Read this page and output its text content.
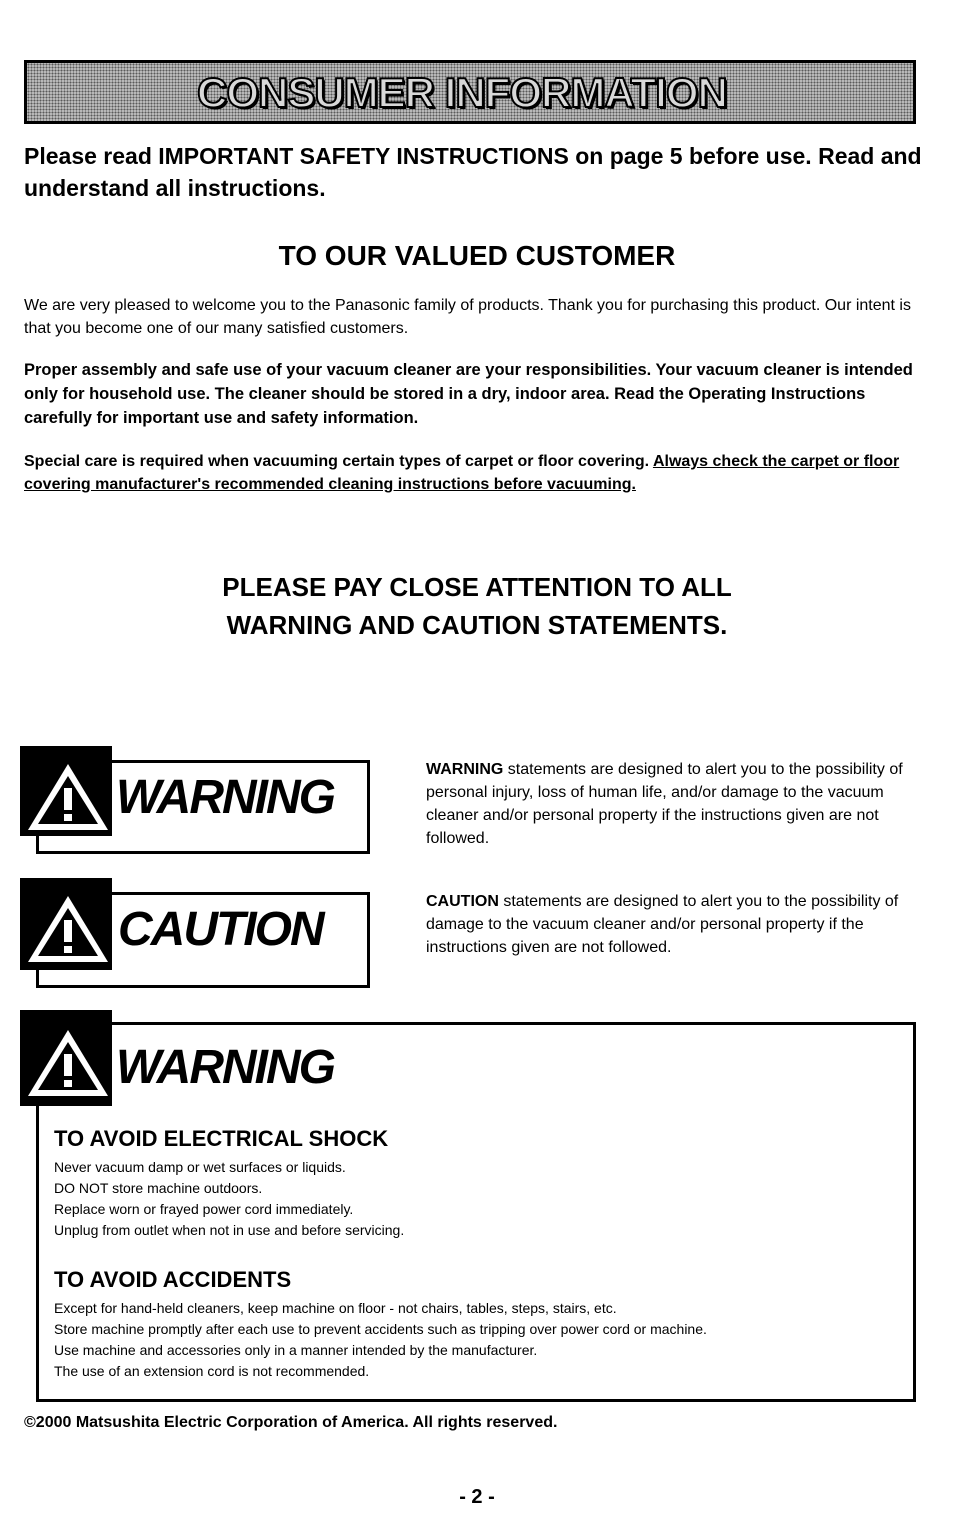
CONSUMER INFORMATION
Please read IMPORTANT SAFETY INSTRUCTIONS on page 5 before use. Read and understand all instructions.
TO OUR VALUED CUSTOMER
We are very pleased to welcome you to the Panasonic family of products. Thank you for purchasing this product. Our intent is that you become one of our many satisfied customers.
Proper assembly and safe use of your vacuum cleaner are your responsibilities. Your vacuum cleaner is intended only for household use. The cleaner should be stored in a dry, indoor area. Read the Operating Instructions carefully for important use and safety information.
Special care is required when vacuuming certain types of carpet or floor covering. Always check the carpet or floor covering manufacturer's recommended cleaning instructions before vacuuming.
PLEASE PAY CLOSE ATTENTION TO ALL
WARNING AND CAUTION STATEMENTS.
WARNING
WARNING statements are designed to alert you to the possibility of personal injury, loss of human life, and/or damage to the vacuum cleaner and/or personal property if the instructions given are not followed.
CAUTION
CAUTION statements are designed to alert you to the possibility of damage to the vacuum cleaner and/or personal property if the instructions given are not followed.
WARNING
TO AVOID ELECTRICAL SHOCK
Never vacuum damp or wet surfaces or liquids.
DO NOT store machine outdoors.
Replace worn or frayed power cord immediately.
Unplug from outlet when not in use and before servicing.
TO AVOID ACCIDENTS
Except for hand-held cleaners, keep machine on floor - not chairs, tables, steps, stairs, etc.
Store machine promptly after each use to prevent accidents such as tripping over power cord or machine.
Use machine and accessories only in a manner intended by the manufacturer.
The use of an extension cord is not recommended.
©2000 Matsushita Electric Corporation of America. All rights reserved.
- 2 -
